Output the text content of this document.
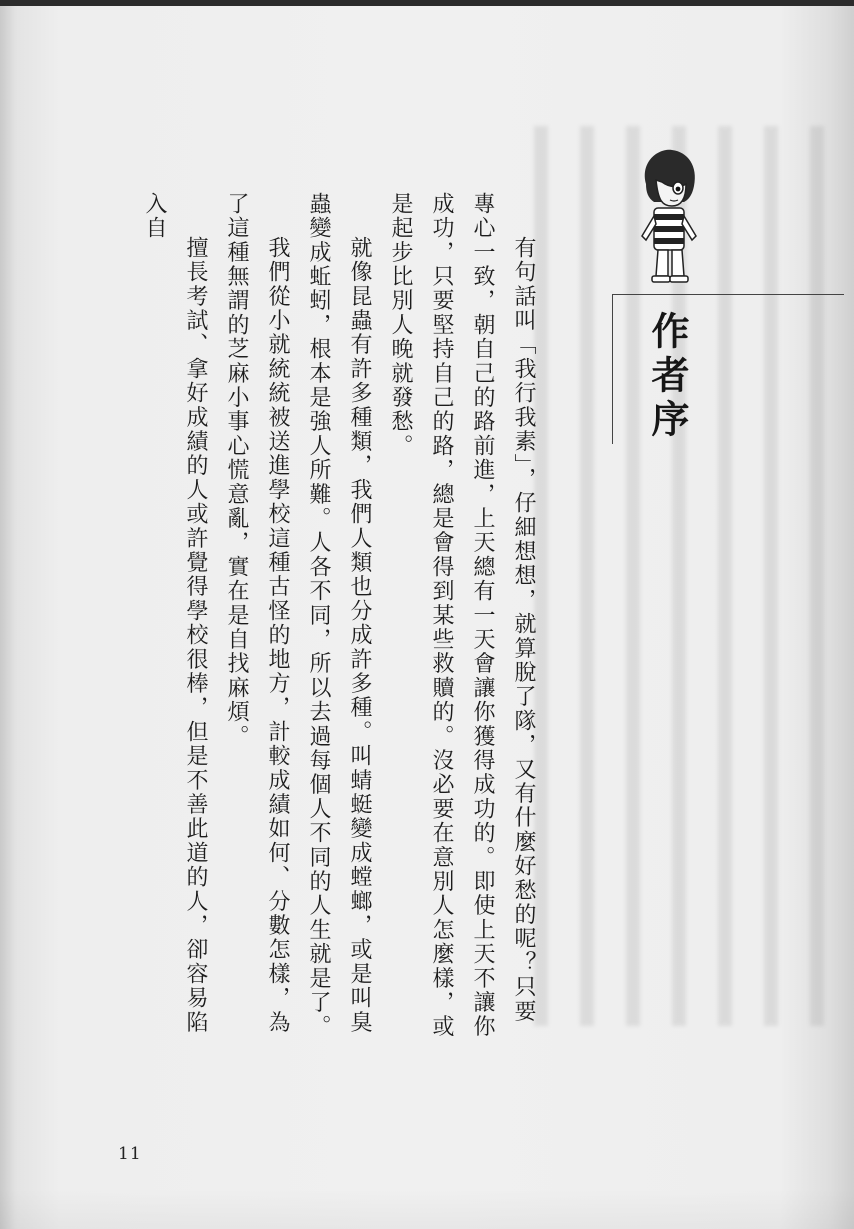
作者序

有句話叫「我行我素」，仔細想想，就算脫了隊，又有什麼好愁的呢？只要專心一致，朝自己的路前進，上天總有一天會讓你獲得成功的。即使上天不讓你成功，只要堅持自己的路，總是會得到某些救贖的。沒必要在意別人怎麼樣，或是起步比別人晚就發愁。

就像昆蟲有許多種類，我們人類也分成許多種。叫蜻蜓變成螳螂，或是叫臭蟲變成蚯蚓，根本是強人所難。人各不同，所以去過每個人不同的人生就是了。

我們從小就統統被送進學校這種古怪的地方，計較成績如何、分數怎樣，為了這種無謂的芝麻小事心慌意亂，實在是自找麻煩。

擅長考試、拿好成績的人或許覺得學校很棒，但是不善此道的人，卻容易陷入自

11
